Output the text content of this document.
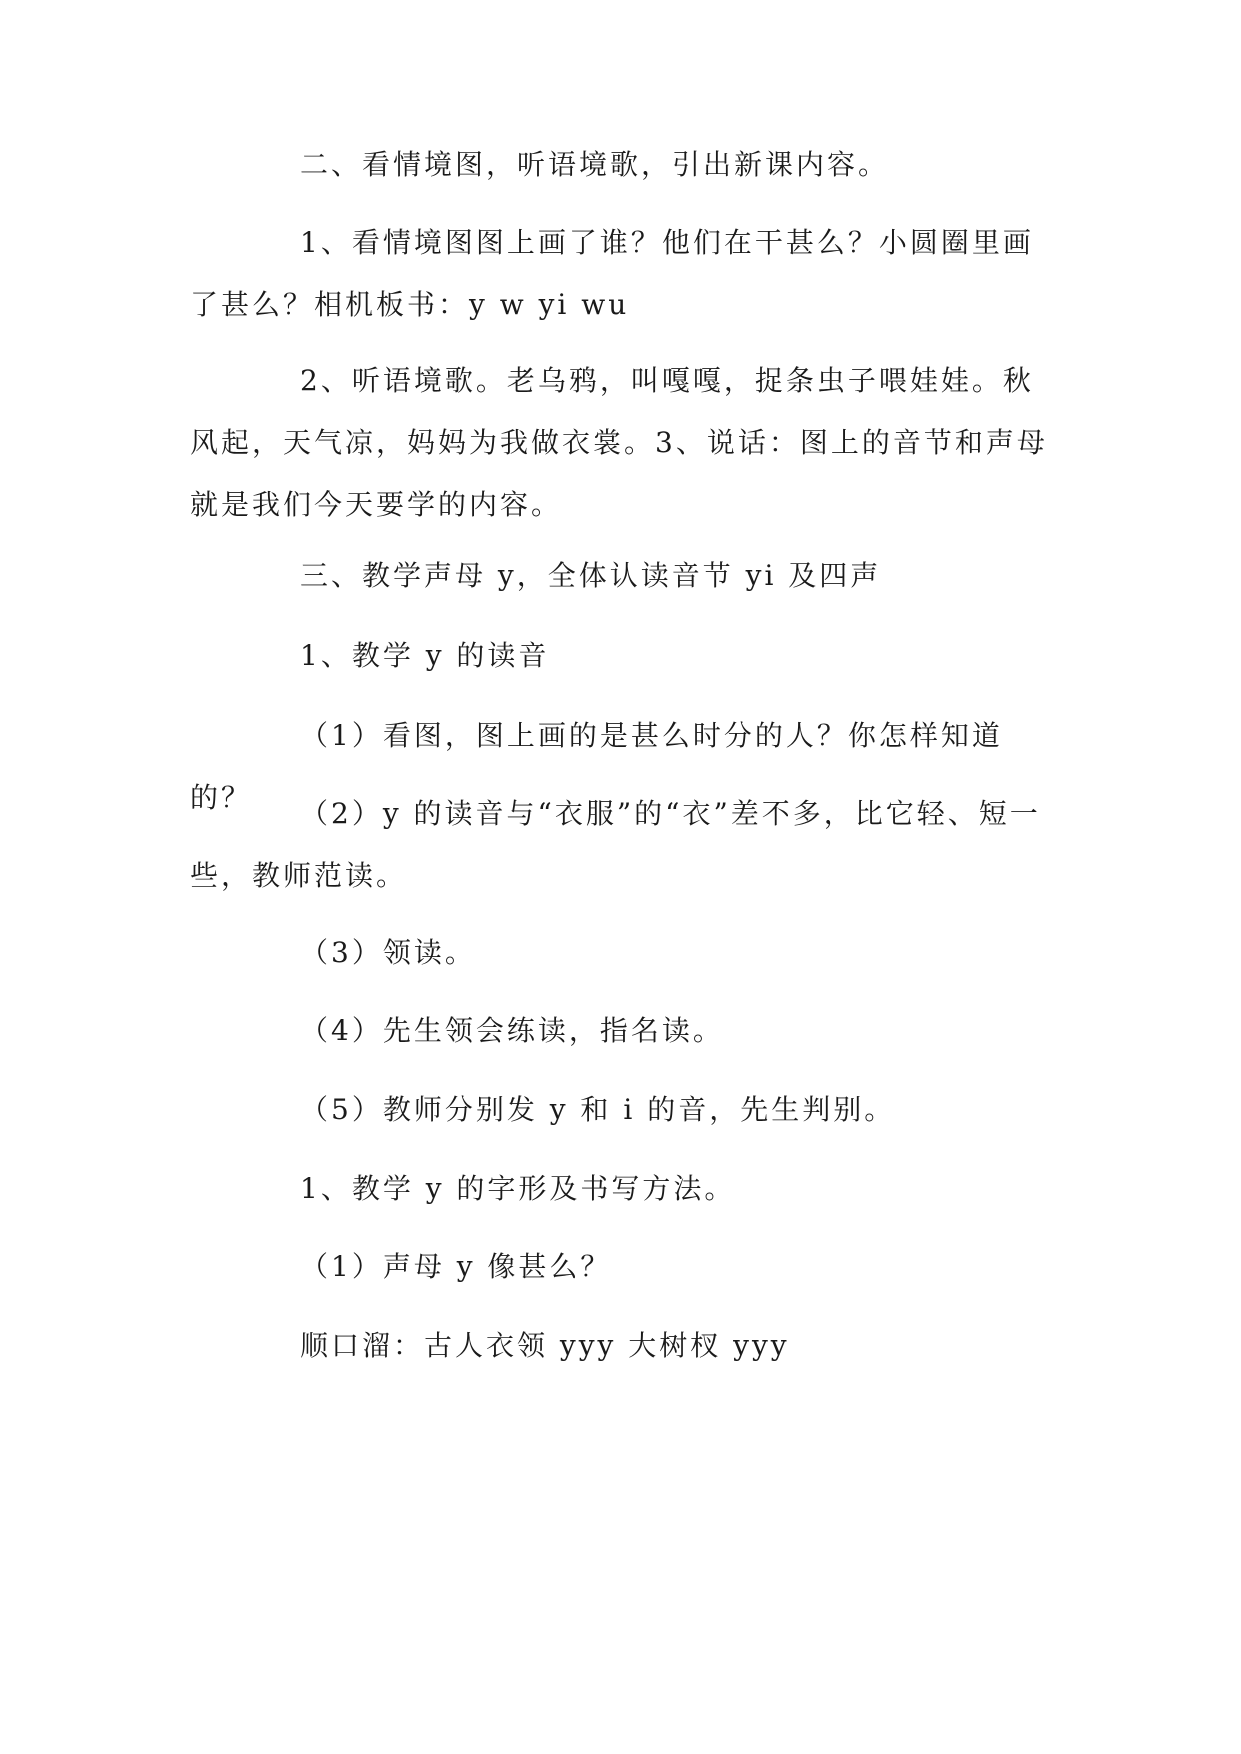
二、看情境图，听语境歌，引出新课内容。

1、看情境图图上画了谁？他们在干甚么？小圆圈里画了甚么？相机板书：y w yi wu

2、听语境歌。老乌鸦，叫嘎嘎，捉条虫子喂娃娃。秋风起，天气凉，妈妈为我做衣裳。3、说话：图上的音节和声母就是我们今天要学的内容。

三、教学声母 y，全体认读音节 yi 及四声

1、教学 y 的读音

（1）看图，图上画的是甚么时分的人？你怎样知道的？	（2）y 的读音与“衣服”的“衣”差不多，比它轻、短一些，教师范读。

（3）领读。

（4）先生领会练读，指名读。

（5）教师分别发 y 和 i 的音，先生判别。

1、教学 y 的字形及书写方法。

（1）声母 y 像甚么？

顺口溜：古人衣领 yyy 大树杈 yyy
